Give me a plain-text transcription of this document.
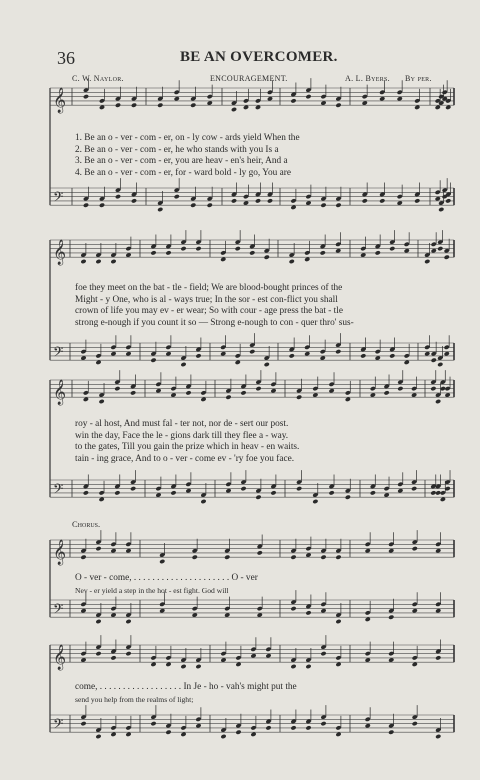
36	BE AN OVERCOMER.
C. W. Naylor.	ENCOURAGEMENT.	A. L. Byers. By per.
𝄞
𝄢
1. Be an o - ver - com - er, on - ly cow - ards yield When the
2. Be an o - ver - com - er, he who stands with you Is a
3. Be an o - ver - com - er, you are heav - en's heir, And a
4. Be an o - ver - com - er, for - ward bold - ly go, You are
𝄞
𝄢
foe they meet on the bat - tle - field; We are blood-bought princes of the
Might - y One, who is al - ways true; In the sor - est con-flict you shall
crown of life you may ev - er wear; So with cour - age press the bat - tle
strong e-nough if you count it so — Strong e-nough to con - quer thro' sus-
𝄞
𝄢
roy - al host, And must fal - ter not, nor de - sert our post.
win the day, Face the le - gions dark till they flee a - way.
to the gates, Till you gain the prize which in heav - en waits.
tain - ing grace, And to o - ver - come ev - 'ry foe you face.
Chorus.
𝄞
𝄢
O - ver - come, . . . . . . . . . . . . . . . . . . . . . O - ver
Nev - er yield a step in the hot - est fight. God will
𝄞
𝄢
come, . . . . . . . . . . . . . . . . . . In Je - ho - vah's might put the
send you help from the realms of light;
